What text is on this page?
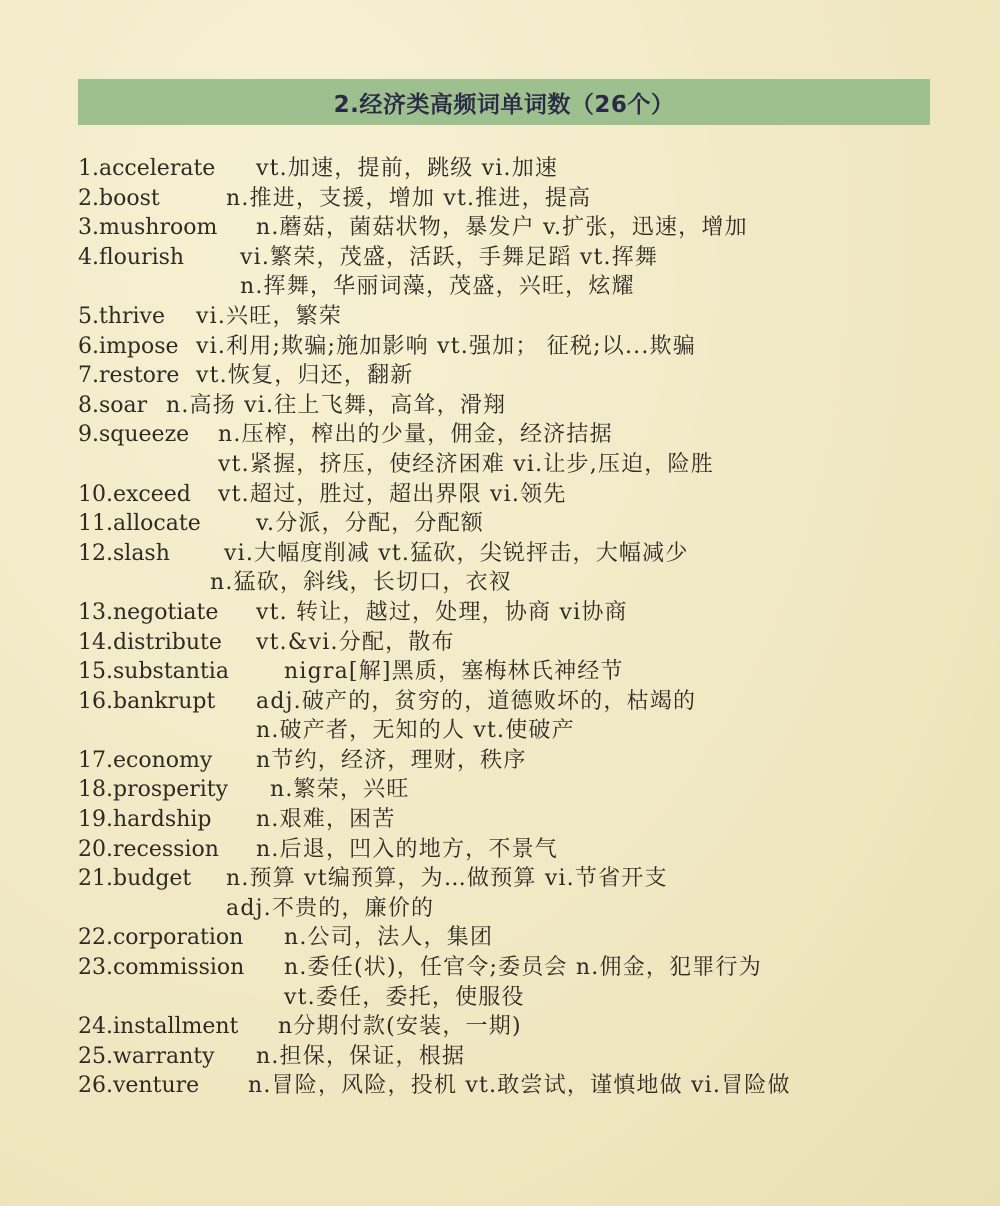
2.经济类高频词单词数（26个）
1.accelerate vt.加速，提前，跳级 vi.加速
2.boost	n.推进，支援，增加 vt.推进，提高
3.mushroom n.蘑菇，菌菇状物，暴发户 v.扩张，迅速，增加
4.flourish	vi.繁荣，茂盛，活跃，手舞足蹈 vt.挥舞
n.挥舞，华丽词藻，茂盛，兴旺，炫耀
5.thrive vi.兴旺，繁荣
6.impose vi.利用;欺骗;施加影响 vt.强加； 征税;以...欺骗
7.restore vt.恢复，归还，翻新
8.soar n.高扬 vi.往上飞舞，高耸，滑翔
9.squeeze n.压榨，榨出的少量，佣金，经济拮据
vt.紧握，挤压，使经济困难 vi.让步,压迫，险胜
10.exceed vt.超过，胜过，超出界限 vi.领先
11.allocate	v.分派，分配，分配额
12.slash vi.大幅度削减 vt.猛砍，尖锐抨击，大幅减少
n.猛砍，斜线，长切口，衣衩
13.negotiate vt. 转让，越过，处理，协商 vi协商
14.distribute vt.&vi.分配，散布
15.substantia	nigra[解]黑质，塞梅林氏神经节
16.bankrupt adj.破产的，贫穷的，道德败坏的，枯竭的
n.破产者，无知的人 vt.使破产
17.economy n节约，经济，理财，秩序
18.prosperity n.繁荣，兴旺
19.hardship n.艰难，困苦
20.recession n.后退，凹入的地方，不景气
21.budget n.预算 vt编预算，为…做预算 vi.节省开支
adj.不贵的，廉价的
22.corporation n.公司，法人，集团
23.commission n.委任(状)，任官令;委员会 n.佣金，犯罪行为
vt.委任，委托，使服役
24.installment n分期付款(安装，一期)
25.warranty n.担保，保证，根据
26.venture n.冒险，风险，投机 vt.敢尝试，谨慎地做 vi.冒险做
